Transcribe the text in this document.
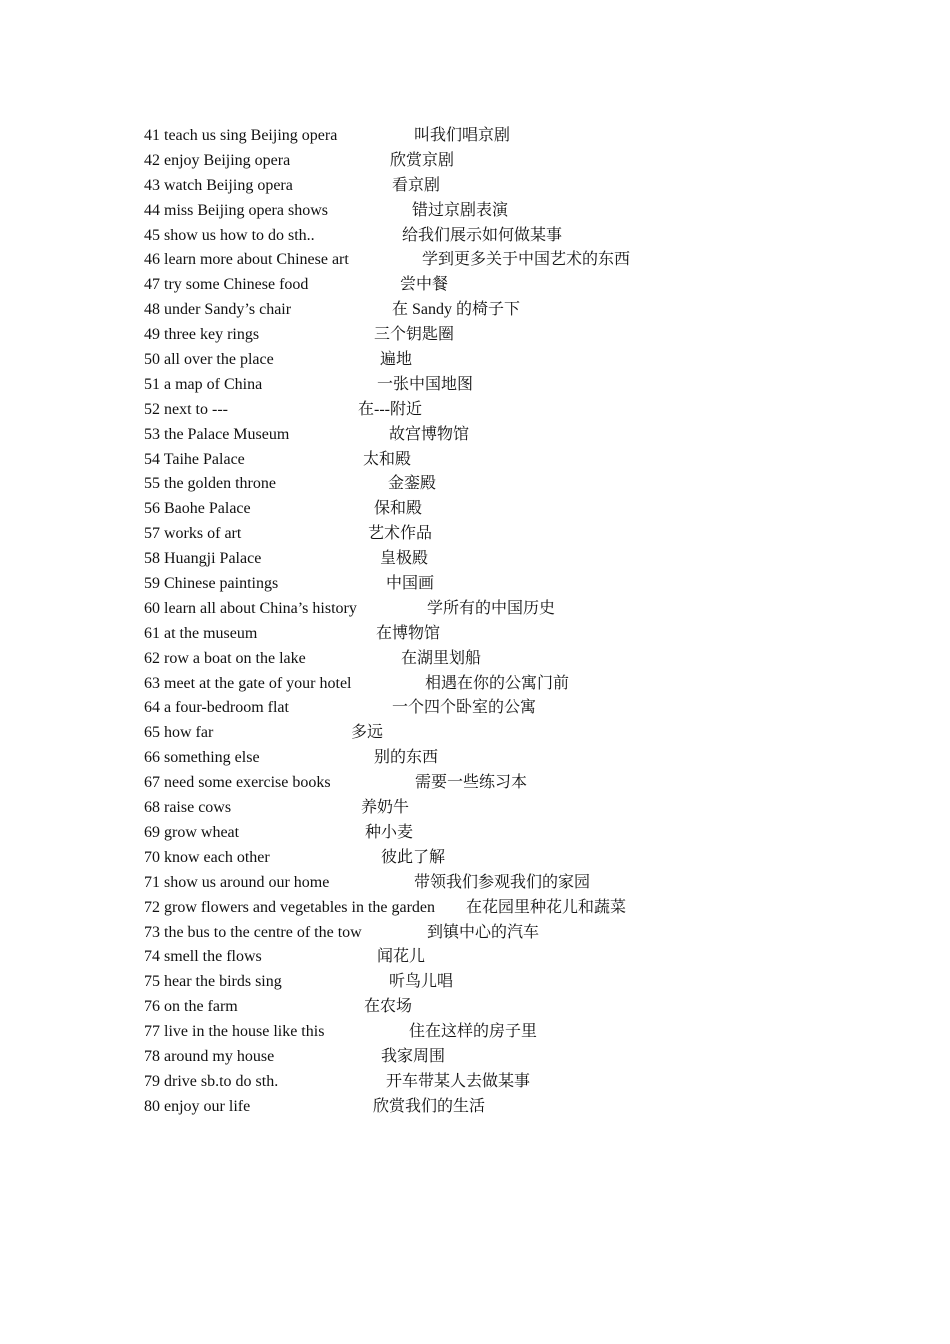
41 teach us sing Beijing opera	叫我们唱京剧
42 enjoy Beijing opera	欣赏京剧
43 watch Beijing opera	看京剧
44 miss Beijing opera shows	错过京剧表演
45 show us how to do sth..	给我们展示如何做某事
46 learn more about Chinese art	学到更多关于中国艺术的东西
47 try some Chinese food	尝中餐
48 under Sandy’s chair	在 Sandy 的椅子下
49 three key rings	三个钥匙圈
50 all over the place	遍地
51 a map of China	一张中国地图
52 next to ---	在---附近
53 the Palace Museum	故宫博物馆
54 Taihe Palace	太和殿
55 the golden throne	金銮殿
56 Baohe Palace	保和殿
57 works of art	艺术作品
58 Huangji Palace	皇极殿
59 Chinese paintings	中国画
60 learn all about China’s history	学所有的中国历史
61 at the museum	在博物馆
62 row a boat on the lake	在湖里划船
63 meet at the gate of your hotel	相遇在你的公寓门前
64 a four-bedroom flat	一个四个卧室的公寓
65 how far	多远
66 something else	别的东西
67 need some exercise books	需要一些练习本
68 raise cows	养奶牛
69 grow wheat	种小麦
70 know each other	彼此了解
71 show us around our home	带领我们参观我们的家园
72 grow flowers and vegetables in the garden 在花园里种花儿和蔬菜
73 the bus to the centre of the tow	到镇中心的汽车
74 smell the flows	闻花儿
75 hear the birds sing	听鸟儿唱
76 on the farm	在农场
77 live in the house like this	住在这样的房子里
78 around my house	我家周围
79 drive sb.to do sth.	开车带某人去做某事
80 enjoy our life	欣赏我们的生活
